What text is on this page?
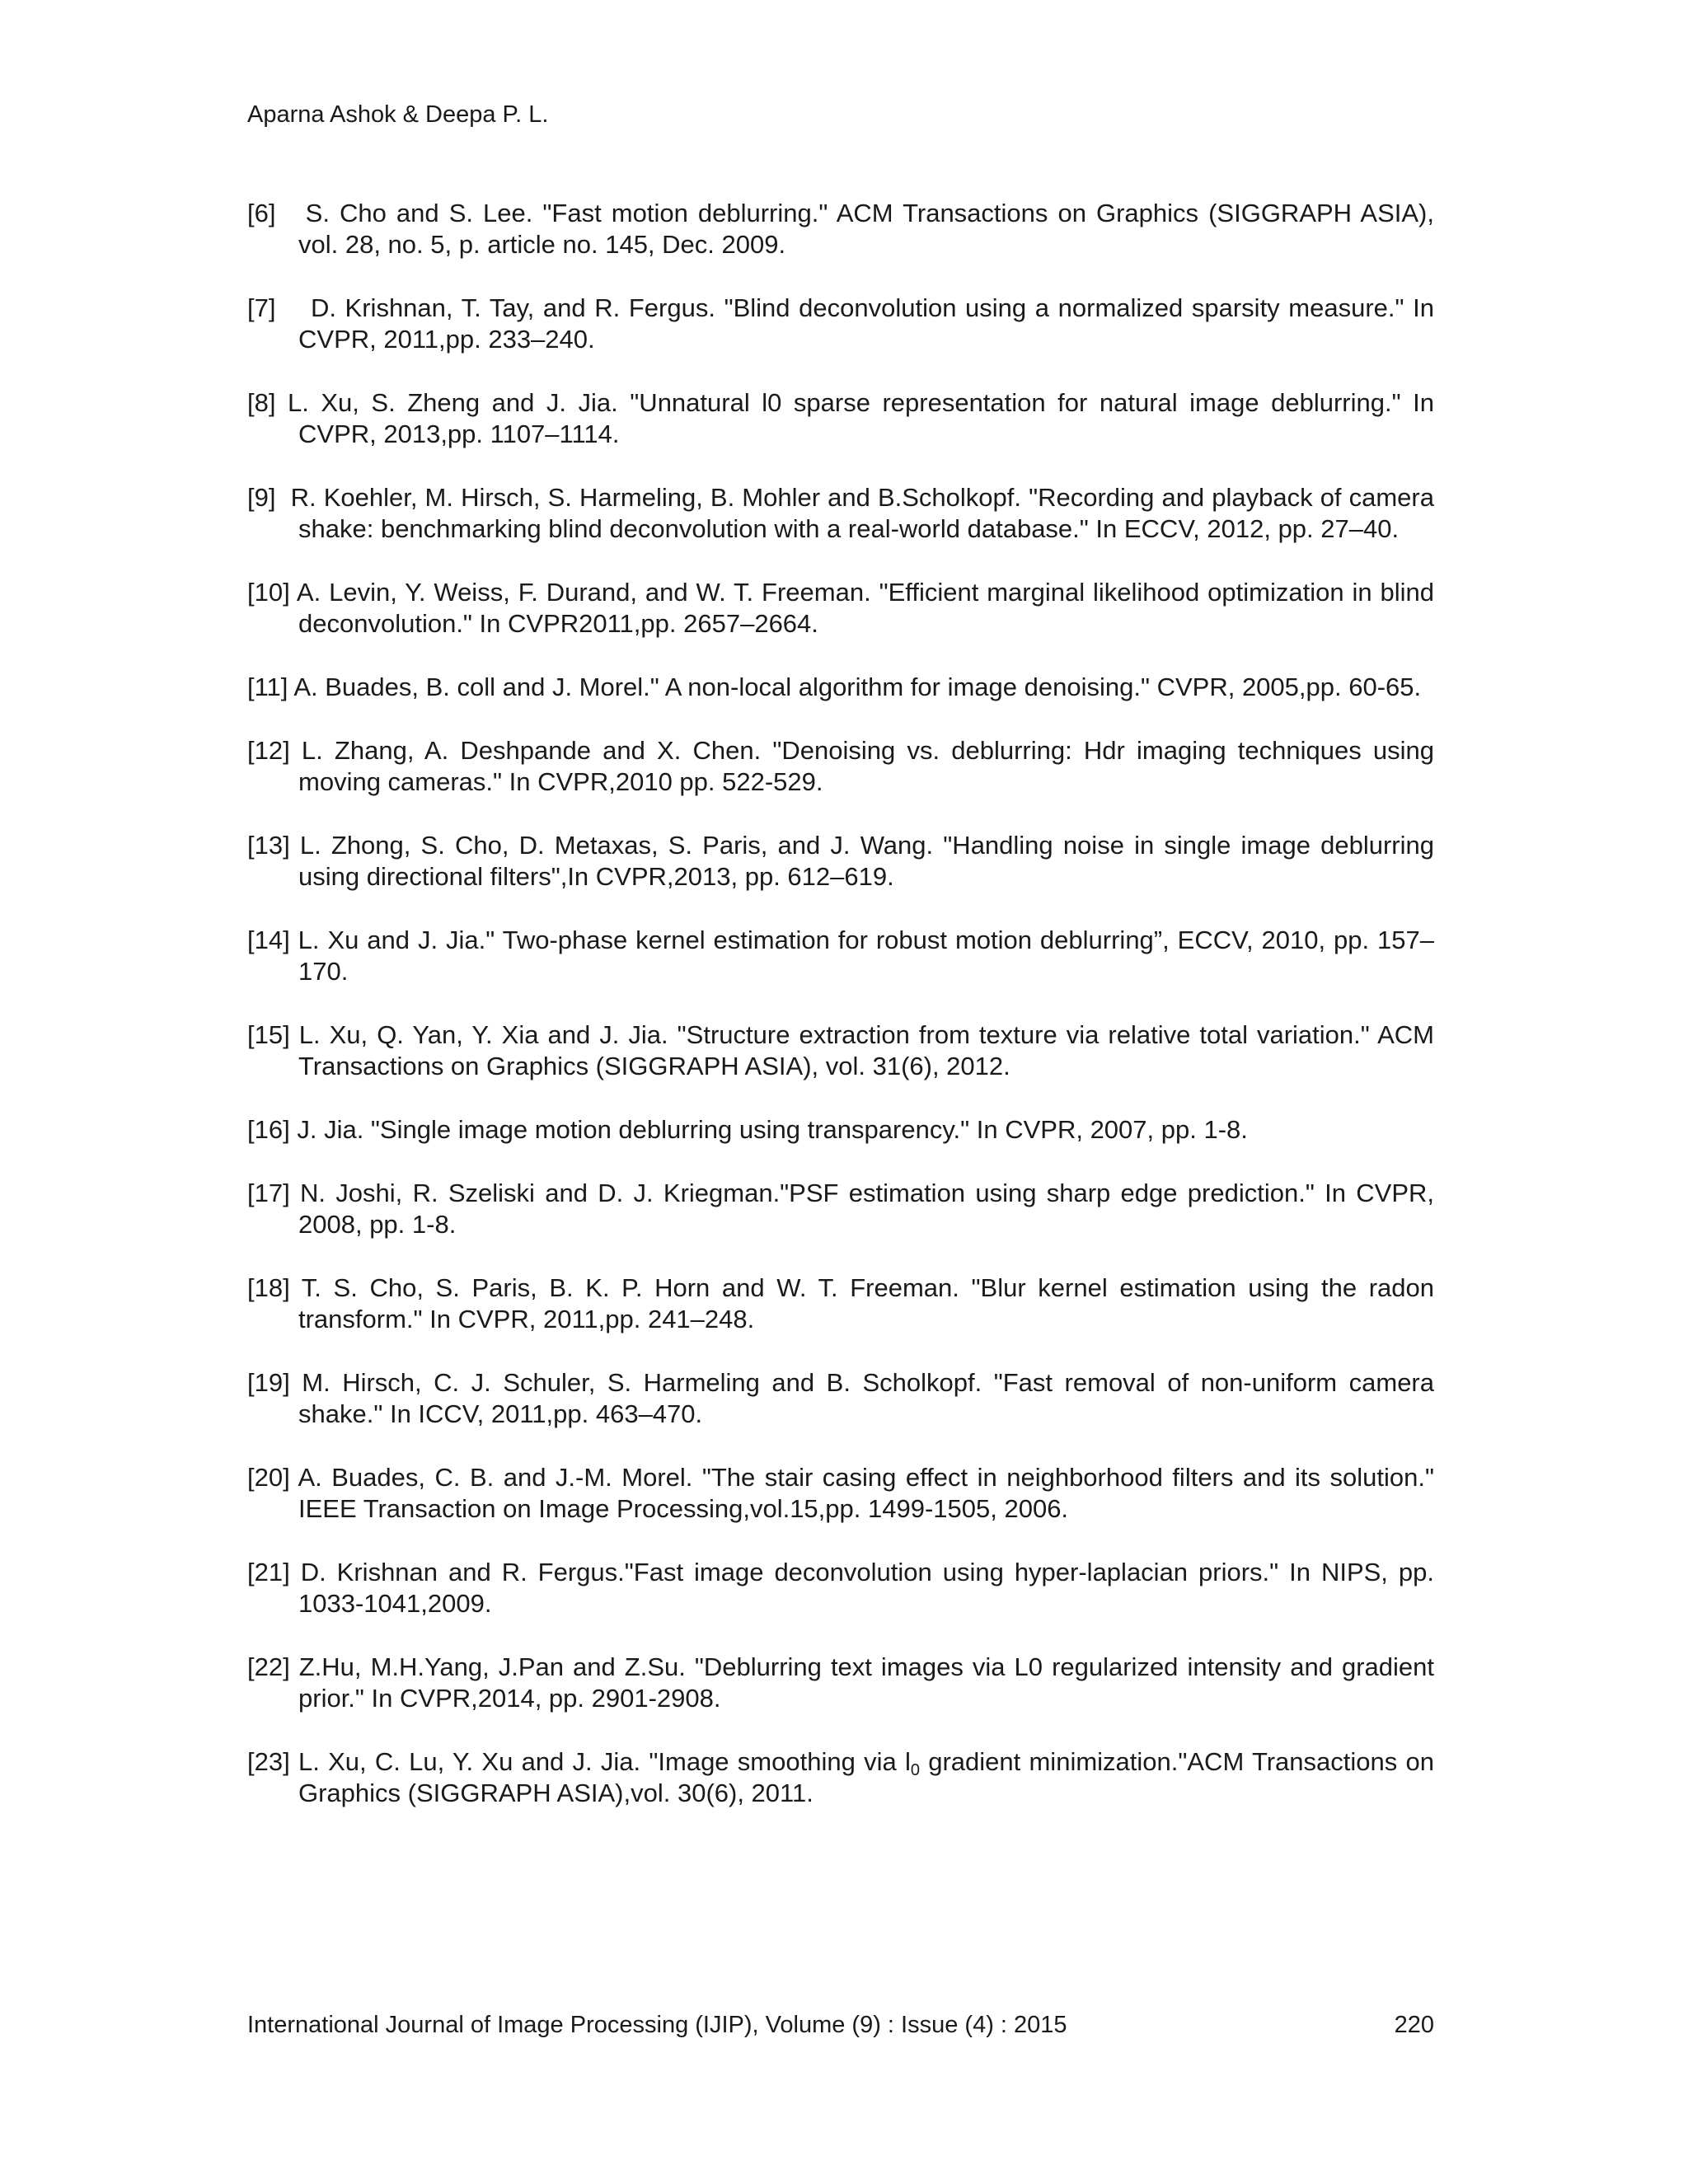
Aparna Ashok & Deepa P. L.
[6] S. Cho and S. Lee. "Fast motion deblurring." ACM Transactions on Graphics (SIGGRAPH ASIA), vol. 28, no. 5, p. article no. 145, Dec. 2009.
[7] D. Krishnan, T. Tay, and R. Fergus. "Blind deconvolution using a normalized sparsity measure." In CVPR, 2011,pp. 233–240.
[8] L. Xu, S. Zheng and J. Jia. "Unnatural l0 sparse representation for natural image deblurring." In CVPR, 2013,pp. 1107–1114.
[9] R. Koehler, M. Hirsch, S. Harmeling, B. Mohler and B.Scholkopf. "Recording and playback of camera shake: benchmarking blind deconvolution with a real-world database." In ECCV, 2012, pp. 27–40.
[10] A. Levin, Y. Weiss, F. Durand, and W. T. Freeman. "Efficient marginal likelihood optimization in blind deconvolution." In CVPR2011,pp. 2657–2664.
[11] A. Buades, B. coll and J. Morel." A non-local algorithm for image denoising." CVPR, 2005,pp. 60-65.
[12] L. Zhang, A. Deshpande and X. Chen. "Denoising vs. deblurring: Hdr imaging techniques using moving cameras." In CVPR,2010 pp. 522-529.
[13] L. Zhong, S. Cho, D. Metaxas, S. Paris, and J. Wang. "Handling noise in single image deblurring using directional filters",In CVPR,2013, pp. 612–619.
[14] L. Xu and J. Jia." Two-phase kernel estimation for robust motion deblurring”, ECCV, 2010, pp. 157–170.
[15] L. Xu, Q. Yan, Y. Xia and J. Jia. "Structure extraction from texture via relative total variation." ACM Transactions on Graphics (SIGGRAPH ASIA), vol. 31(6), 2012.
[16] J. Jia. "Single image motion deblurring using transparency." In CVPR, 2007, pp. 1-8.
[17] N. Joshi, R. Szeliski and D. J. Kriegman."PSF estimation using sharp edge prediction." In CVPR, 2008, pp. 1-8.
[18] T. S. Cho, S. Paris, B. K. P. Horn and W. T. Freeman. "Blur kernel estimation using the radon transform." In CVPR, 2011,pp. 241–248.
[19] M. Hirsch, C. J. Schuler, S. Harmeling and B. Scholkopf. "Fast removal of non-uniform camera shake." In ICCV, 2011,pp. 463–470.
[20] A. Buades, C. B. and J.-M. Morel. "The stair casing effect in neighborhood filters and its solution." IEEE Transaction on Image Processing,vol.15,pp. 1499-1505, 2006.
[21] D. Krishnan and R. Fergus."Fast image deconvolution using hyper-laplacian priors." In NIPS, pp. 1033-1041,2009.
[22] Z.Hu, M.H.Yang, J.Pan and Z.Su. "Deblurring text images via L0 regularized intensity and gradient prior." In CVPR,2014, pp. 2901-2908.
[23] L. Xu, C. Lu, Y. Xu and J. Jia. "Image smoothing via $l_0$ gradient minimization."ACM Transactions on Graphics (SIGGRAPH ASIA),vol. 30(6), 2011.
International Journal of Image Processing (IJIP), Volume (9) : Issue (4) : 2015	220
